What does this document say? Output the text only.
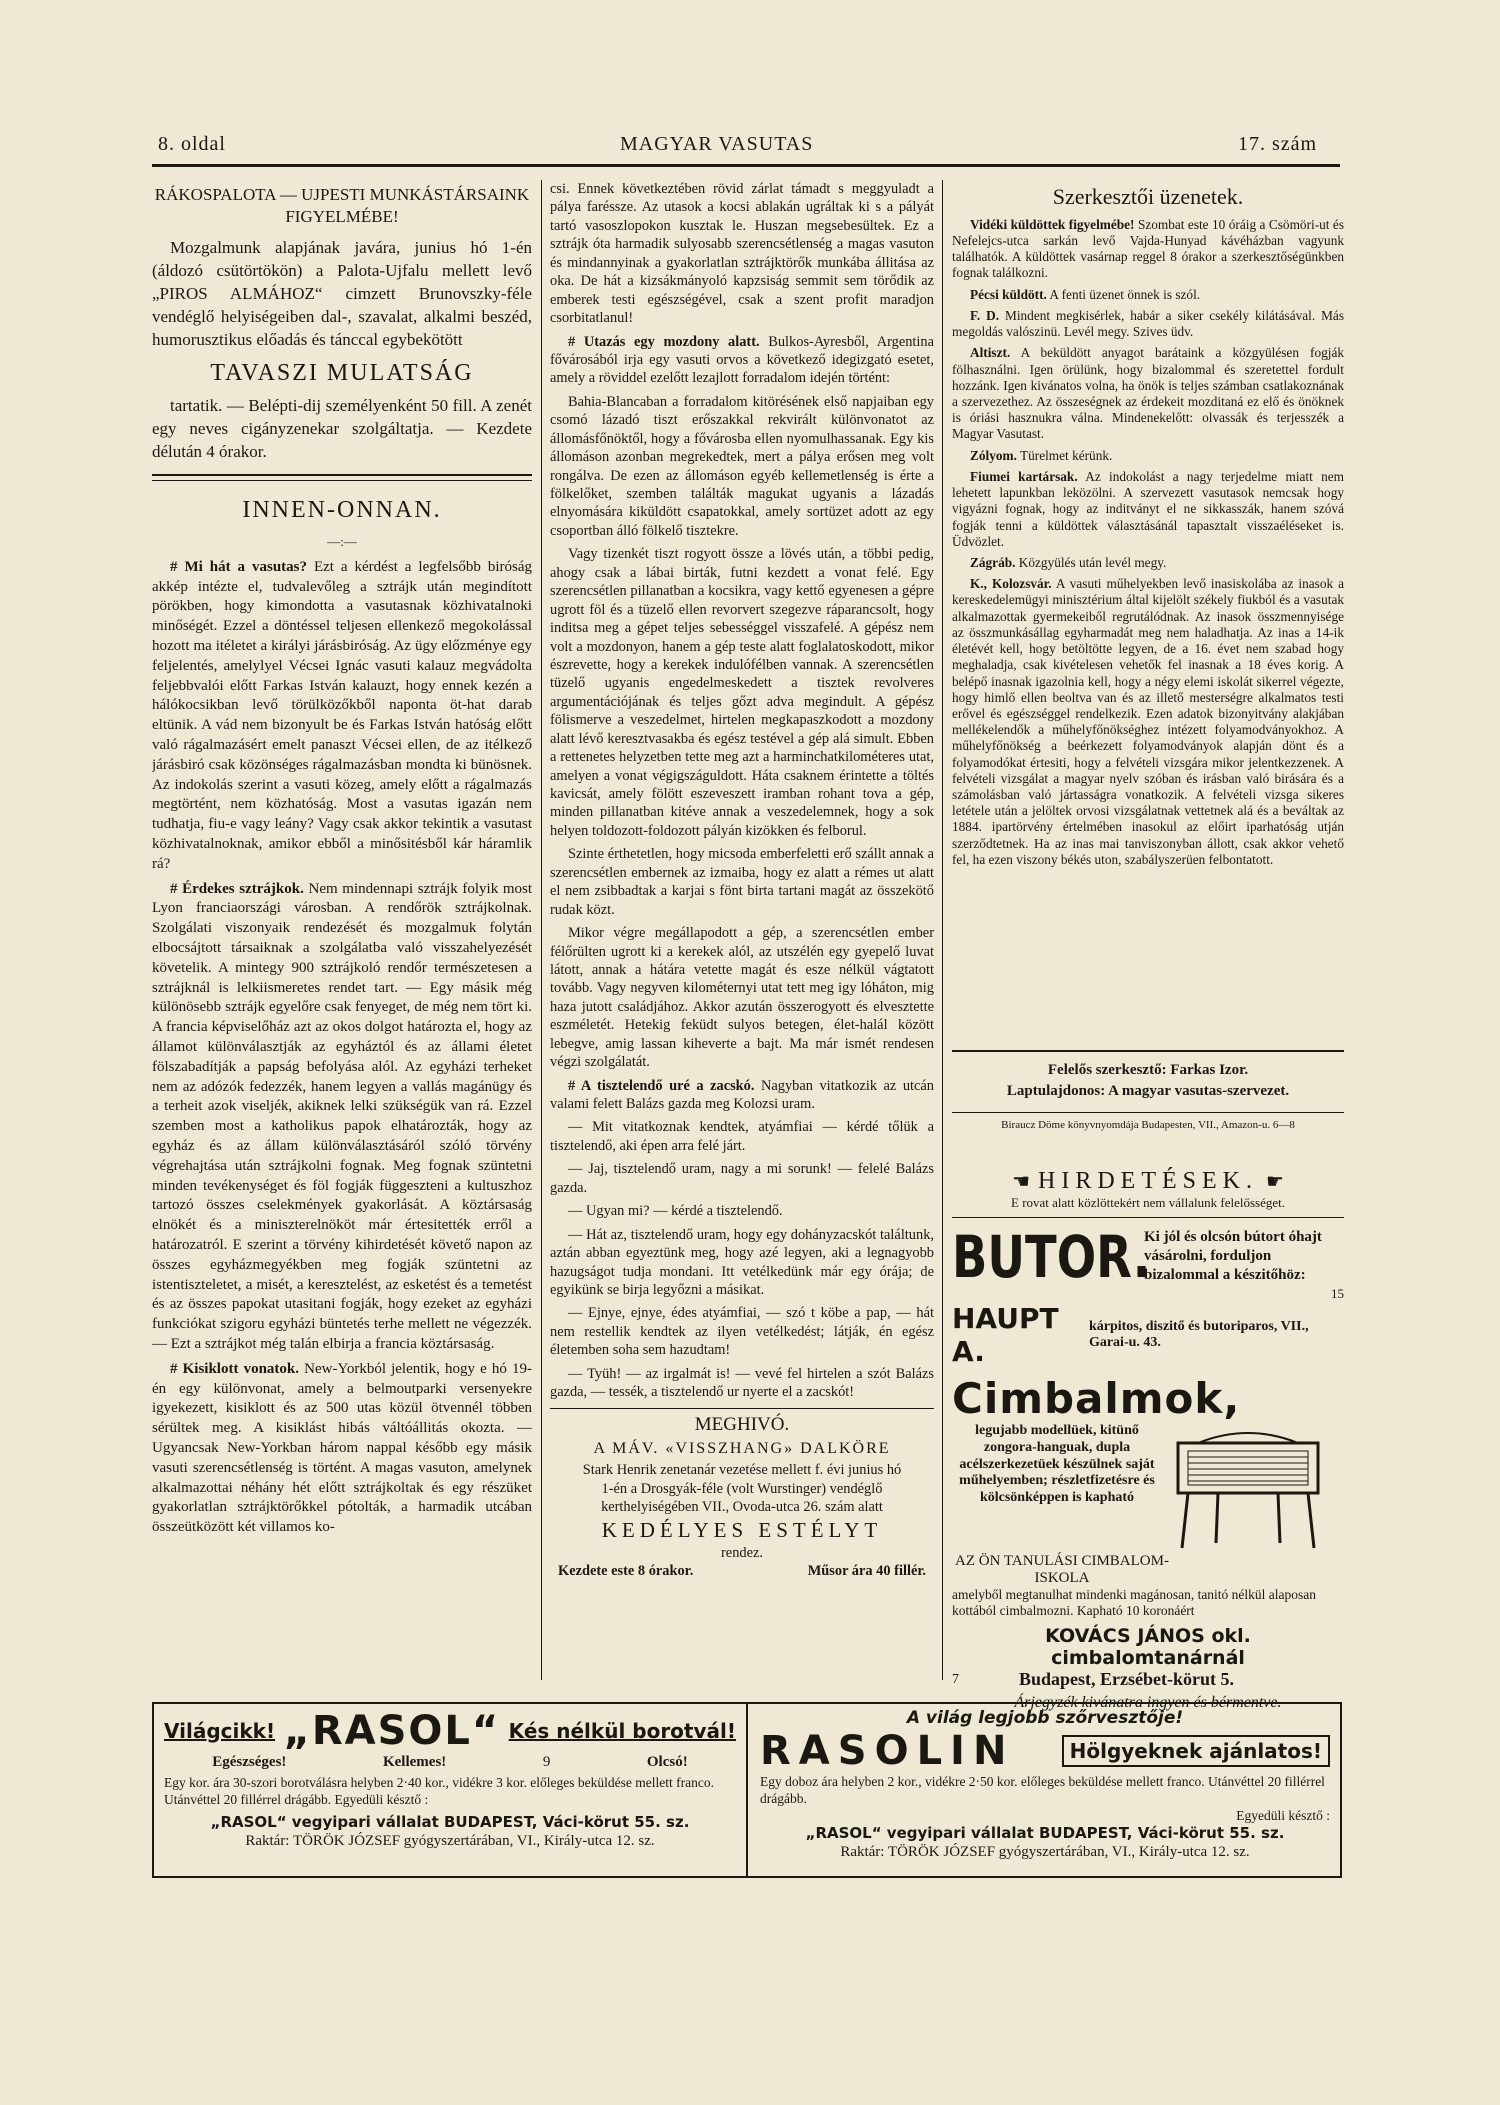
8. oldal	MAGYAR VASUTAS	17. szám
RÁKOSPALOTA — UJPESTI MUNKÁSTÁRSAINK FIGYELMÉBE!

Mozgalmunk alapjának javára, junius hó 1-én (áldozó csütörtökön) a Palota-Ujfalu mellett levő „PIROS ALMÁHOZ“ cimzett Brunovszky-féle vendéglő helyiségeiben dal-, szavalat, alkalmi beszéd, humorusztikus előadás és tánccal egybekötött

TAVASZI MULATSÁG

tartatik. — Belépti-dij személyenként 50 fill. A zenét egy neves cigányzenekar szolgáltatja. — Kezdete délután 4 órakor.

INNEN-ONNAN.
—:—

# Mi hát a vasutas? Ezt a kérdést a legfelsőbb biróság akkép intézte el, tudvalevőleg a sztrájk után megindított pörökben, hogy kimondotta a vasutasnak közhivatalnoki minőségét. Ezzel a döntéssel teljesen ellenkező megokolással hozott ma itéletet a királyi járásbiróság. Az ügy előzménye egy feljelentés, amelylyel Vécsei Ignác vasuti kalauz megvádolta feljebbvalói előtt Farkas István kalauzt, hogy ennek kezén a hálókocsikban levő törülközőkből naponta öt-hat darab eltünik. A vád nem bizonyult be és Farkas István hatóság előtt való rágalmazásért emelt panaszt Vécsei ellen, de az itélkező járásbiró csak közönséges rágalmazásban mondta ki bünösnek. Az indokolás szerint a vasuti közeg, amely előtt a rágalmazás megtörtént, nem közhatóság. Most a vasutas igazán nem tudhatja, fiu-e vagy leány? Vagy csak akkor tekintik a vasutast közhivatalnoknak, amikor ebből a minősitésből kár háramlik rá?

# Érdekes sztrájkok. Nem mindennapi sztrájk folyik most Lyon franciaországi városban. A rendőrök sztrájkolnak. Szolgálati viszonyaik rendezését és mozgalmuk folytán elbocsájtott társaiknak a szolgálatba való visszahelyezését követelik. A mintegy 900 sztrájkoló rendőr természetesen a sztrájknál is lelkiismeretes rendet tart. — Egy másik még különösebb sztrájk egyelőre csak fenyeget, de még nem tört ki. A francia képviselőház azt az okos dolgot határozta el, hogy az államot különválasztják az egyháztól és az állami életet fölszabadítják a papság befolyása alól. Az egyházi terheket nem az adózók fedezzék, hanem legyen a vallás magánügy és a terheit azok viseljék, akiknek lelki szükségük van rá. Ezzel szemben most a katholikus papok elhatározták, hogy az egyház és az állam különválasztásáról szóló törvény végrehajtása után sztrájkolni fognak. Meg fognak szüntetni minden tevékenységet és föl fogják függeszteni a kultuszhoz tartozó összes cselekmények gyakorlását. A köztársaság elnökét és a miniszterelnököt már értesitették erről a határozatról. E szerint a törvény kihirdetését követő napon az összes egyházmegyékben meg fogják szüntetni az istentiszteletet, a misét, a keresztelést, az esketést és a temetést és az összes papokat utasitani fogják, hogy ezeket az egyházi funkciókat szigoru egyházi büntetés terhe mellett ne végezzék. — Ezt a sztrájkot még talán elbirja a francia köztársaság.

# Kisiklott vonatok. New-Yorkból jelentik, hogy e hó 19-én egy különvonat, amely a belmoutparki versenyekre igyekezett, kisiklott és az 500 utas közül ötvennél többen sérültek meg. A kisiklást hibás váltóállitás okozta. — Ugyancsak New-Yorkban három nappal később egy másik vasuti szerencsétlenség is történt. A magas vasuton, amelynek alkalmazottai néhány hét előtt sztrájkoltak és egy részüket gyakorlatlan sztrájktörőkkel pótolták, a harmadik utcában összeütközött két villamos ko-

csi. Ennek következtében rövid zárlat támadt s meggyuladt a pálya faréssze. Az utasok a kocsi ablakán ugráltak ki s a pályát tartó vasoszlopokon kusztak le. Huszan megsebesültek. Ez a sztrájk óta harmadik sulyosabb szerencsétlenség a magas vasuton és mindannyinak a gyakorlatlan sztrájktörők munkába állitása az oka. De hát a kizsákmányoló kapzsiság semmit sem törődik az emberek testi egészségével, csak a szent profit maradjon csorbitatlanul!

# Utazás egy mozdony alatt. Bulkos-Ayresből, Argentina fővárosából irja egy vasuti orvos a következő idegizgató esetet, amely a röviddel ezelőtt lezajlott forradalom idején történt:

Bahia-Blancaban a forradalom kitörésének első napjaiban egy csomó lázadó tiszt erőszakkal rekvirált különvonatot az állomásfőnöktől, hogy a fővárosba ellen nyomulhassanak. Egy kis állomáson azonban megrekedtek, mert a pálya erősen meg volt rongálva. De ezen az állomáson egyéb kellemetlenség is érte a fölkelőket, szemben találták magukat ugyanis a lázadás elnyomására kiküldött csapatokkal, amely sortüzet adott az egy csoportban álló fölkelő tisztekre.

Vagy tizenkét tiszt rogyott össze a lövés után, a többi pedig, ahogy csak a lábai birták, futni kezdett a vonat felé. Egy szerencsétlen pillanatban a kocsikra, vagy kettő egyenesen a gépre ugrott föl és a tüzelő ellen revorvert szegezve ráparancsolt, hogy inditsa meg a gépet teljes sebességgel visszafelé. A gépész nem volt a mozdonyon, hanem a gép teste alatt foglalatoskodott, mikor észrevette, hogy a kerekek indulófélben vannak. A szerencsétlen tüzelő ugyanis engedelmeskedett a tisztek revolveres argumentációjának és teljes gőzt adva megindult. A gépész fölismerve a veszedelmet, hirtelen megkapaszkodott a mozdony alatt lévő keresztvasakba és egész testével a gép alá simult. Ebben a rettenetes helyzetben tette meg azt a harminchatkilométeres utat, amelyen a vonat végigszáguldott. Háta csaknem érintette a töltés kavicsát, amely fölött eszeveszett iramban rohant tova a gép, minden pillanatban kitéve annak a veszedelemnek, hogy a sok helyen toldozott-foldozott pályán kizökken és felborul.

Szinte érthetetlen, hogy micsoda emberfeletti erő szállt annak a szerencsétlen embernek az izmaiba, hogy ez alatt a rémes ut alatt el nem zsibbadtak a karjai s fönt birta tartani magát az összekötő rudak közt.

Mikor végre megállapodott a gép, a szerencsétlen ember félőrülten ugrott ki a kerekek alól, az utszélén egy gyepelő luvat látott, annak a hátára vetette magát és esze nélkül vágtatott tovább. Vagy negyven kilométernyi utat tett meg igy lóháton, mig haza jutott családjához. Akkor azután összerogyott és elvesztette eszméletét. Hetekig feküdt sulyos betegen, élet-halál között lebegve, amig lassan kiheverte a bajt. Ma már ismét rendesen végzi szolgálatát.

# A tisztelendő uré a zacskó. Nagyban vitatkozik az utcán valami felett Balázs gazda meg Kolozsi uram.

— Mit vitatkoznak kendtek, atyámfiai — kérdé tőlük a tisztelendő, aki épen arra felé járt.

— Jaj, tisztelendő uram, nagy a mi sorunk! — felelé Balázs gazda.

— Ugyan mi? — kérdé a tisztelendő.

— Hát az, tisztelendő uram, hogy egy dohányzacskót találtunk, aztán abban egyeztünk meg, hogy azé legyen, aki a legnagyobb hazugságot tudja mondani. Itt vetélkedünk már egy órája; de egyikünk se birja legyőzni a másikat.

— Ejnye, ejnye, édes atyámfiai, — szó t köbe a pap, — hát nem restellik kendtek az ilyen vetélkedést; látják, én egész életemben soha sem hazudtam!

— Tyüh! — az irgalmát is! — vevé fel hirtelen a szót Balázs gazda, — tessék, a tisztelendő ur nyerte el a zacskót!

MEGHIVÓ.
A MÁV. «VISSZHANG» DALKÖRE

Stark Henrik zenetanár vezetése mellett f. évi junius hó 1-én a Drosgyák-féle (volt Wurstinger) vendéglő kerthelyiségében VII., Ovoda-utca 26. szám alatt

KEDÉLYES ESTÉLYT
rendez.
Kezdete este 8 órakor.	Műsor ára 40 fillér.
Szerkesztői üzenetek.

Vidéki küldöttek figyelmébe! Szombat este 10 óráig a Csömöri-ut és Nefelejcs-utca sarkán levő Vajda-Hunyad kávéházban vagyunk találhatók. A küldöttek vasárnap reggel 8 órakor a szerkesztőségünkben fognak találkozni.

Pécsi küldött. A fenti üzenet önnek is szól.

F. D. Mindent megkisérlek, habár a siker csekély kilátásával. Más megoldás valószinü. Levél megy. Szives üdv.

Altiszt. A beküldött anyagot barátaink a közgyülésen fogják fölhasználni. Igen örülünk, hogy bizalommal és szeretettel fordult hozzánk. Igen kivánatos volna, ha önök is teljes számban csatlakoznának a szervezethez. Az összeségnek az érdekeit mozditaná ez elő és önöknek is óriási hasznukra válna. Mindenekelőtt: olvassák és terjesszék a Magyar Vasutast.

Zólyom. Türelmet kérünk.

Fiumei kartársak. Az indokolást a nagy terjedelme miatt nem lehetett lapunkban leközölni. A szervezett vasutasok nemcsak hogy vigyázni fognak, hogy az inditványt el ne sikkasszák, hanem szóvá fogják tenni a küldöttek választásánál tapasztalt visszaéléseket is. Üdvözlet.

Zágráb. Közgyülés után levél megy.

K., Kolozsvár. A vasuti műhelyekben levő inasiskolába az inasok a kereskedelemügyi minisztérium által kijelölt székely fiukból és a vasutak alkalmazottak gyermekeiből regrutálódnak. Az inasok összmennyisége az összmunkásállag egyharmadát meg nem haladhatja. Az inas a 14-ik életévét kell, hogy betöltötte legyen, de a 16. évet nem szabad hogy meghaladja, csak kivételesen vehetők fel inasnak a 18 éves korig. A belépő inasnak igazolnia kell, hogy a négy elemi iskolát sikerrel végezte, hogy himlő ellen beoltva van és az illető mesterségre alkalmatos testi erővel és egészséggel rendelkezik. Ezen adatok bizonyitvány alakjában mellékelendők a műhelyfőnökséghez intézett folyamodványokhoz. A műhelyfőnökség a beérkezett folyamodványok alapján dönt és a folyamodókat értesiti, hogy a felvételi vizsgára mikor jelentkezzenek. A felvételi vizsgálat a magyar nyelv szóban és irásban való birására és a számolásban való jártasságra vonatkozik. A felvételi vizsga sikeres letétele után a jelöltek orvosi vizsgálatnak vettetnek alá és a beváltak az 1884. ipartörvény értelmében inasokul az előirt iparhatóság utján szerződtetnek. Ha az inas mai tanviszonyban állott, csak akkor vehető fel, ha ezen viszony békés uton, szabályszerüen felbontatott.

Felelős szerkesztő: Farkas Izor.
Laptulajdonos: A magyar vasutas-szervezet.
Biraucz Döme könyvnyomdája Budapesten, VII., Amazon-u. 6—8
☚ HIRDETÉSEK. ☛
E rovat alatt közlöttekért nem vállalunk felelősséget.
BUTOR.
Ki jól és olcsón bútort óhajt vásárolni, forduljon bizalommal a készitőhöz:
15
HAUPT A.
kárpitos, diszitő és butoriparos, VII., Garai-u. 43.
Cimbalmok,
legujabb modellüek, kitünő zongora-hanguak, dupla acélszerkezetüek készülnek saját műhelyemben; részletfizetésre és kölcsönképpen is kapható
AZ ÖN TANULÁSI CIMBALOM-ISKOLA
amelyből megtanulhat mindenki magánosan, tanitó nélkül alaposan kottából cimbalmozni. Kapható 10 koronáért
KOVÁCS JÁNOS okl. cimbalomtanárnál
7	Budapest, Erzsébet-körut 5.
Árjegyzék kivánatra ingyen és bérmentve.
Világcikk! „RASOL“ Kés nélkül borotvál!
Egészséges!	Kellemes!	9	Olcsó!
Egy kor. ára 30-szori borotválásra helyben 2·40 kor., vidékre 3 kor. előleges beküldése mellett franco. Utánvéttel 20 fillérrel drágább. Egyedüli késztő :
„RASOL“ vegyipari vállalat BUDAPEST, Váci-körut 55. sz.
Raktár: TÖRÖK JÓZSEF gyógyszertárában, VI., Király-utca 12. sz.
A világ legjobb szőrvesztője!
RASOLIN	Hölgyeknek ajánlatos!
Egy doboz ára helyben 2 kor., vidékre 2·50 kor. előleges beküldése mellett franco. Utánvéttel 20 fillérrel drágább.
Egyedüli késztő :
„RASOL“ vegyipari vállalat BUDAPEST, Váci-körut 55. sz.
Raktár: TÖRÖK JÓZSEF gyógyszertárában, VI., Király-utca 12. sz.
